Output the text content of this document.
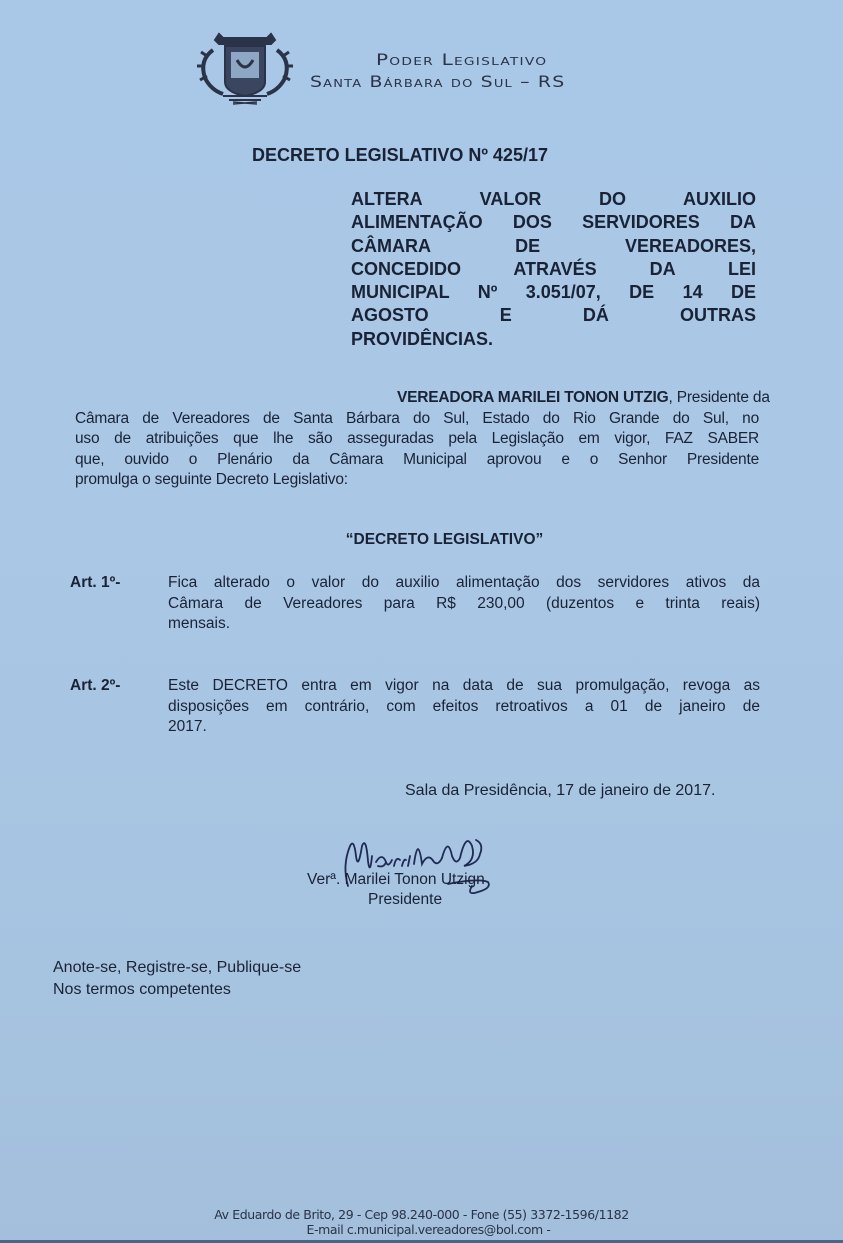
Poder Legislativo
Santa Bárbara do Sul – RS
DECRETO LEGISLATIVO Nº 425/17
ALTERA VALOR DO AUXILIO
ALIMENTAÇÃO DOS SERVIDORES DA
CÂMARA DE VEREADORES,
CONCEDIDO ATRAVÉS DA LEI
MUNICIPAL Nº 3.051/07, DE 14 DE
AGOSTO E DÁ OUTRAS
PROVIDÊNCIAS.
VEREADORA MARILEI TONON UTZIG, Presidente da
Câmara de Vereadores de Santa Bárbara do Sul, Estado do Rio Grande do Sul, no
uso de atribuições que lhe são asseguradas pela Legislação em vigor, FAZ SABER
que, ouvido o Plenário da Câmara Municipal aprovou e o Senhor Presidente
promulga o seguinte Decreto Legislativo:
“DECRETO LEGISLATIVO”
Art. 1º-	Fica alterado o valor do auxilio alimentação dos servidores ativos da
Câmara de Vereadores para R$ 230,00 (duzentos e trinta reais)
mensais.
Art. 2º-	Este DECRETO entra em vigor na data de sua promulgação, revoga as
disposições em contrário, com efeitos retroativos a 01 de janeiro de
2017.
Sala da Presidência, 17 de janeiro de 2017.
Verª. Marilei Tonon Utzign
Presidente
Anote-se, Registre-se, Publique-se
Nos termos competentes
Av Eduardo de Brito, 29 - Cep 98.240-000 - Fone (55) 3372-1596/1182
E-mail c.municipal.vereadores@bol.com -
